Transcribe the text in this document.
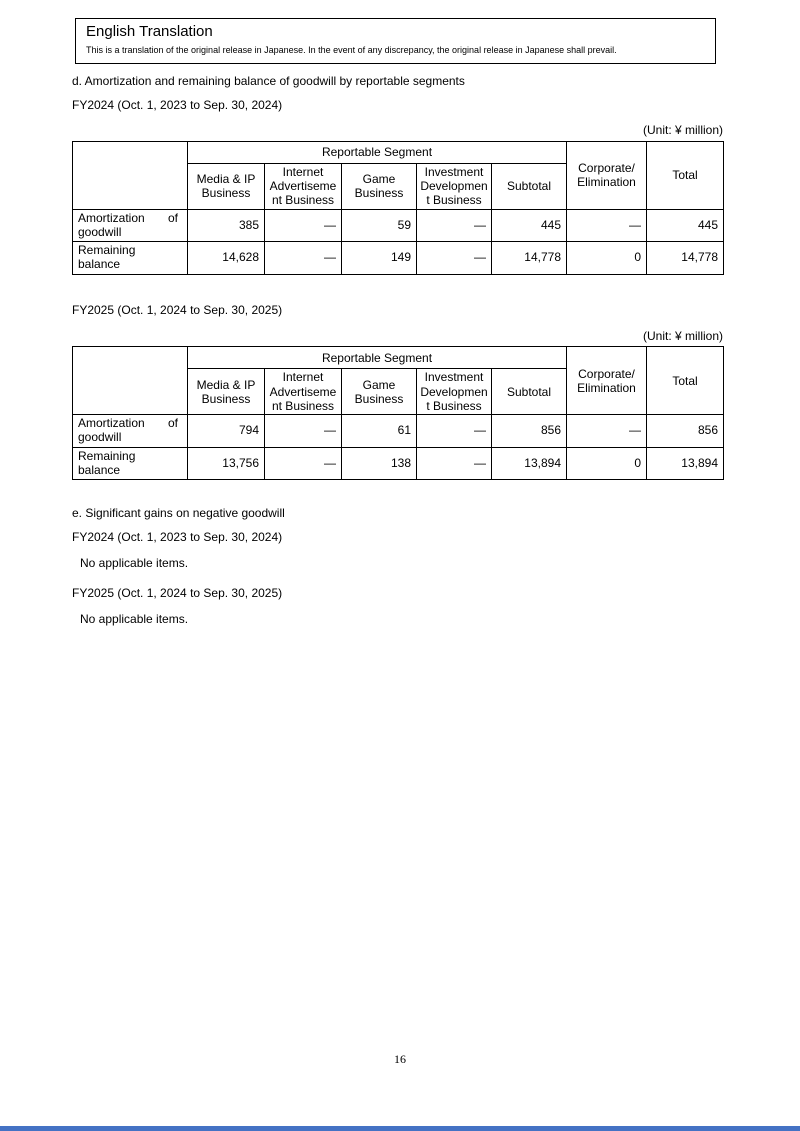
English Translation
This is a translation of the original release in Japanese. In the event of any discrepancy, the original release in Japanese shall prevail.
d. Amortization and remaining balance of goodwill by reportable segments
FY2024 (Oct. 1, 2023 to Sep. 30, 2024)
(Unit: ¥ million)
	Reportable Segment					Corporate/ Elimination	Total
	Media & IP Business	Internet Advertisement Business	Game Business	Investment Development Business	Subtotal		
Amortization of goodwill	385	—	59	—	445	—	445
Remaining balance	14,628	—	149	—	14,778	0	14,778
FY2025 (Oct. 1, 2024 to Sep. 30, 2025)
(Unit: ¥ million)
	Reportable Segment					Corporate/ Elimination	Total
	Media & IP Business	Internet Advertisement Business	Game Business	Investment Development Business	Subtotal		
Amortization of goodwill	794	—	61	—	856	—	856
Remaining balance	13,756	—	138	—	13,894	0	13,894
e. Significant gains on negative goodwill
FY2024 (Oct. 1, 2023 to Sep. 30, 2024)
No applicable items.
FY2025 (Oct. 1, 2024 to Sep. 30, 2025)
No applicable items.
16
